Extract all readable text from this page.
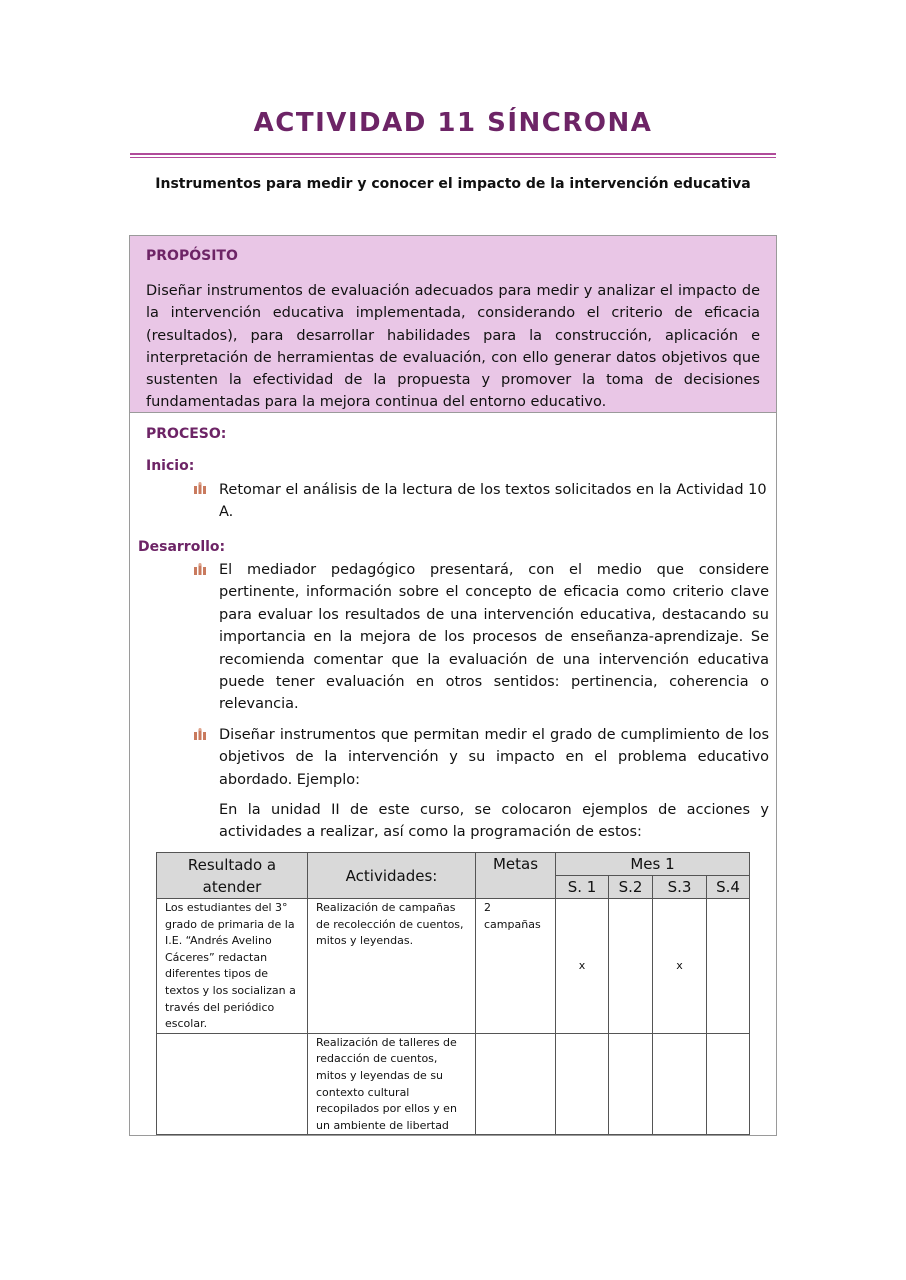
ACTIVIDAD 11 SÍNCRONA
Instrumentos para medir y conocer el impacto de la intervención educativa
PROPÓSITO
Diseñar instrumentos de evaluación adecuados para medir y analizar el impacto de la intervención educativa implementada, considerando el criterio de eficacia (resultados), para desarrollar habilidades para la construcción, aplicación e interpretación de herramientas de evaluación, con ello generar datos objetivos que sustenten la efectividad de la propuesta y promover la toma de decisiones fundamentadas para la mejora continua del entorno educativo.
PROCESO:
Inicio:
Retomar el análisis de la lectura de los textos solicitados en la Actividad 10 A.
Desarrollo:
El mediador pedagógico presentará, con el medio que considere pertinente, información sobre el concepto de eficacia como criterio clave para evaluar los resultados de una intervención educativa, destacando su importancia en la mejora de los procesos de enseñanza-aprendizaje. Se recomienda comentar que la evaluación de una intervención educativa puede tener evaluación en otros sentidos: pertinencia, coherencia o relevancia.
Diseñar instrumentos que permitan medir el grado de cumplimiento de los objetivos de la intervención y su impacto en el problema educativo abordado. Ejemplo:
En la unidad II de este curso, se colocaron ejemplos de acciones y actividades a realizar, así como la programación de estos:
Resultado a atender	Actividades:	Metas	Mes 1			
			S. 1	S.2	S.3	S.4
Los estudiantes del 3° grado de primaria de la I.E. “Andrés Avelino Cáceres” redactan diferentes tipos de textos y los socializan a través del periódico escolar.	Realización de campañas de recolección de cuentos, mitos y leyendas.	2 campañas	x		x	
	Realización de talleres de redacción de cuentos, mitos y leyendas de su contexto cultural recopilados por ellos y en un ambiente de libertad					
